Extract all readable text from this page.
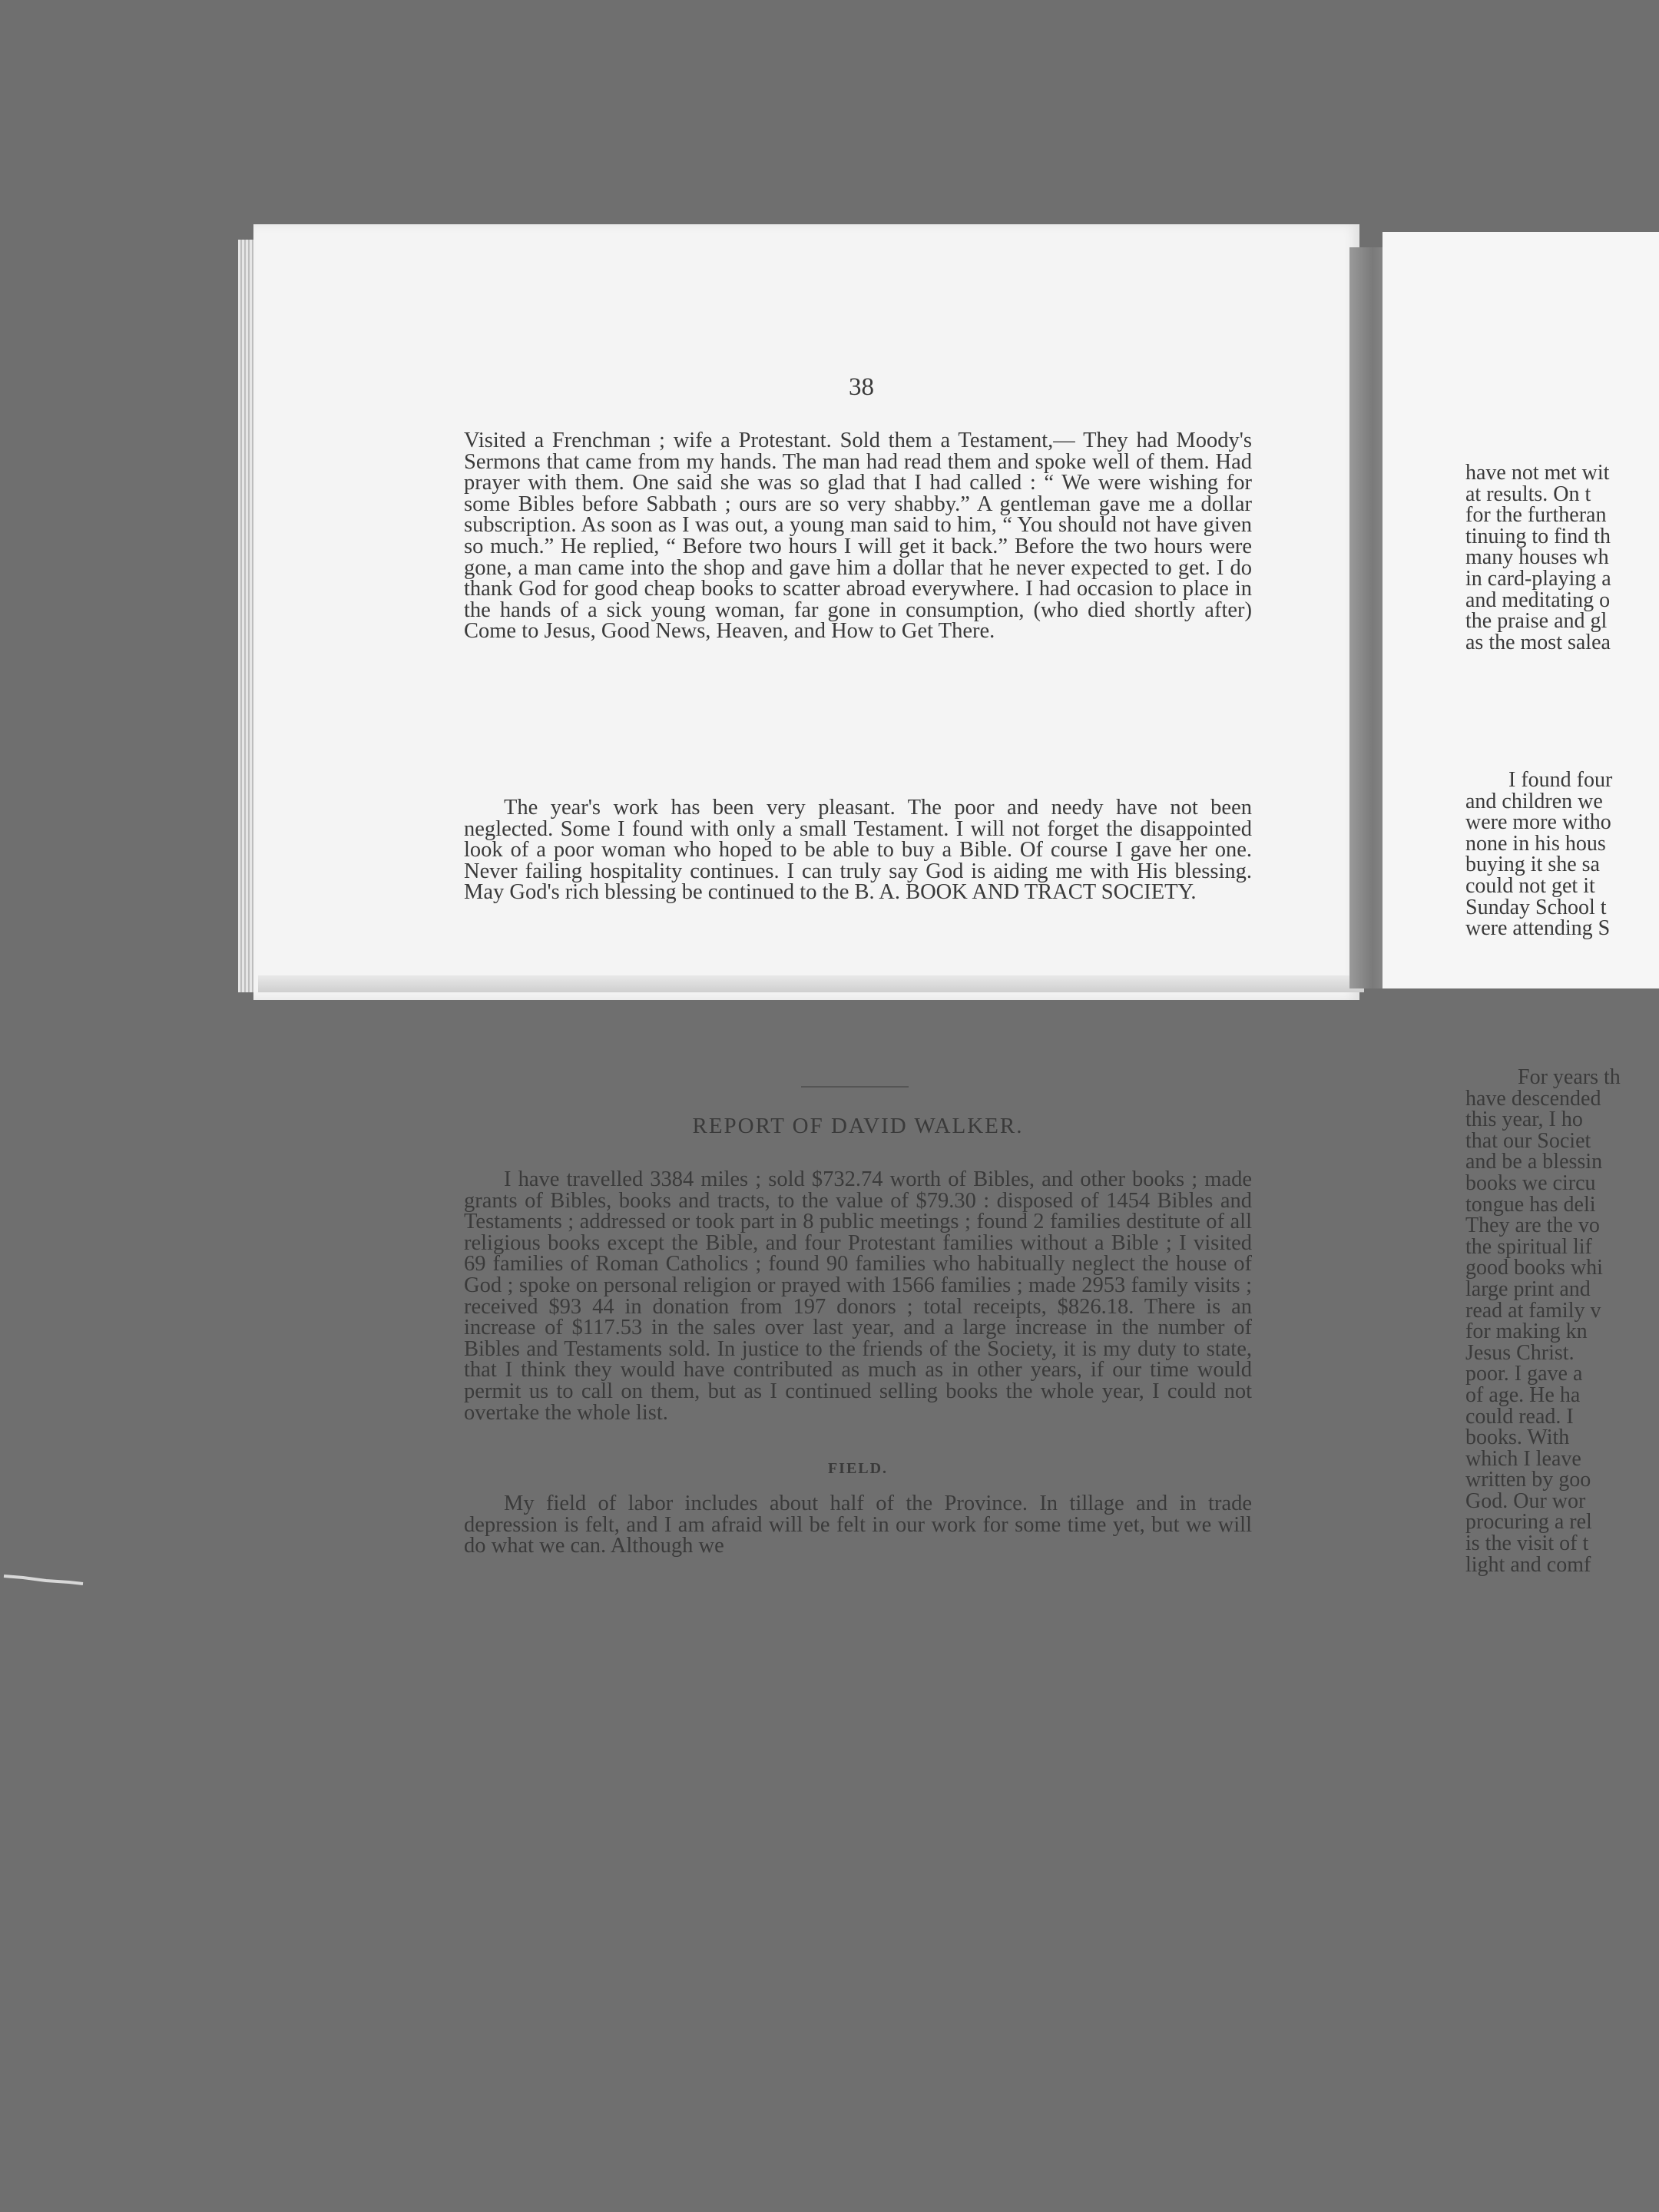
38

Visited a Frenchman ; wife a Protestant. Sold them a Testament,— They had Moody's Sermons that came from my hands. The man had read them and spoke well of them. Had prayer with them. One said she was so glad that I had called : “ We were wishing for some Bibles before Sabbath ; ours are so very shabby.” A gentleman gave me a dollar subscription. As soon as I was out, a young man said to him, “ You should not have given so much.” He replied, “ Before two hours I will get it back.” Before the two hours were gone, a man came into the shop and gave him a dollar that he never expected to get. I do thank God for good cheap books to scatter abroad everywhere. I had occasion to place in the hands of a sick young woman, far gone in consumption, (who died shortly after) Come to Jesus, Good News, Heaven, and How to Get There.

The year's work has been very pleasant. The poor and needy have not been neglected. Some I found with only a small Testament. I will not forget the disappointed look of a poor woman who hoped to be able to buy a Bible. Of course I gave her one. Never failing hospitality continues. I can truly say God is aiding me with His blessing. May God's rich blessing be continued to the B. A. BOOK AND TRACT SOCIETY.

REPORT OF DAVID WALKER.

I have travelled 3384 miles ; sold $732.74 worth of Bibles, and other books ; made grants of Bibles, books and tracts, to the value of $79.30 : disposed of 1454 Bibles and Testaments ; addressed or took part in 8 public meetings ; found 2 families destitute of all religious books except the Bible, and four Protestant families without a Bible ; I visited 69 families of Roman Catholics ; found 90 families who habitually neglect the house of God ; spoke on personal religion or prayed with 1566 families ; made 2953 family visits ; received $93 44 in donation from 197 donors ; total receipts, $826.18. There is an increase of $117.53 in the sales over last year, and a large increase in the number of Bibles and Testaments sold. In justice to the friends of the Society, it is my duty to state, that I think they would have contributed as much as in other years, if our time would permit us to call on them, but as I continued selling books the whole year, I could not overtake the whole list.

FIELD.

My field of labor includes about half of the Province. In tillage and in trade depression is felt, and I am afraid will be felt in our work for some time yet, but we will do what we can. Although we

have not met wit
at results. On t
for the furtheran
tinuing to find th
many houses wh
in card-playing a
and meditating o
the praise and gl
as the most salea
I found four
and children we
were more witho
none in his hous
buying it she sa
could not get it
Sunday School t
were attending S
For years th
have descended
this year, I ho
that our Societ
and be a blessin
books we circu
tongue has deli
They are the vo
the spiritual lif
good books whi
large print and
read at family v
for making kn
Jesus Christ.
poor. I gave a
of age. He ha
could read. I
books. With
which I leave
written by goo
God. Our wor
procuring a rel
is the visit of t
light and comf
